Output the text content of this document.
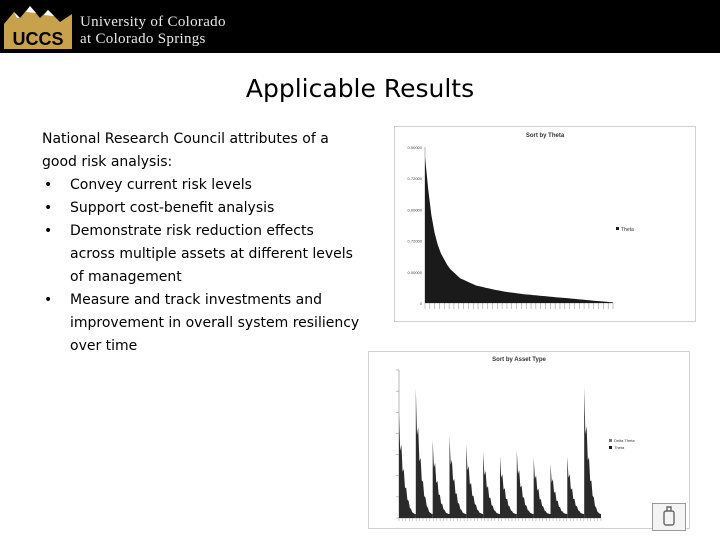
UCCS
University of Colorado
at Colorado Springs
Applicable Results
National Research Council attributes of a good risk analysis:
• Convey current risk levels
• Support cost-benefit analysis
• Demonstrate risk reduction effects across multiple assets at different levels of management
• Measure and track investments and improvement in overall system resiliency over time
Sort by Theta
Theta
0
0.00000
0.72000
0.00000
0.72000
0.00000
Sort by Asset Type
Delta Theta
Theta
